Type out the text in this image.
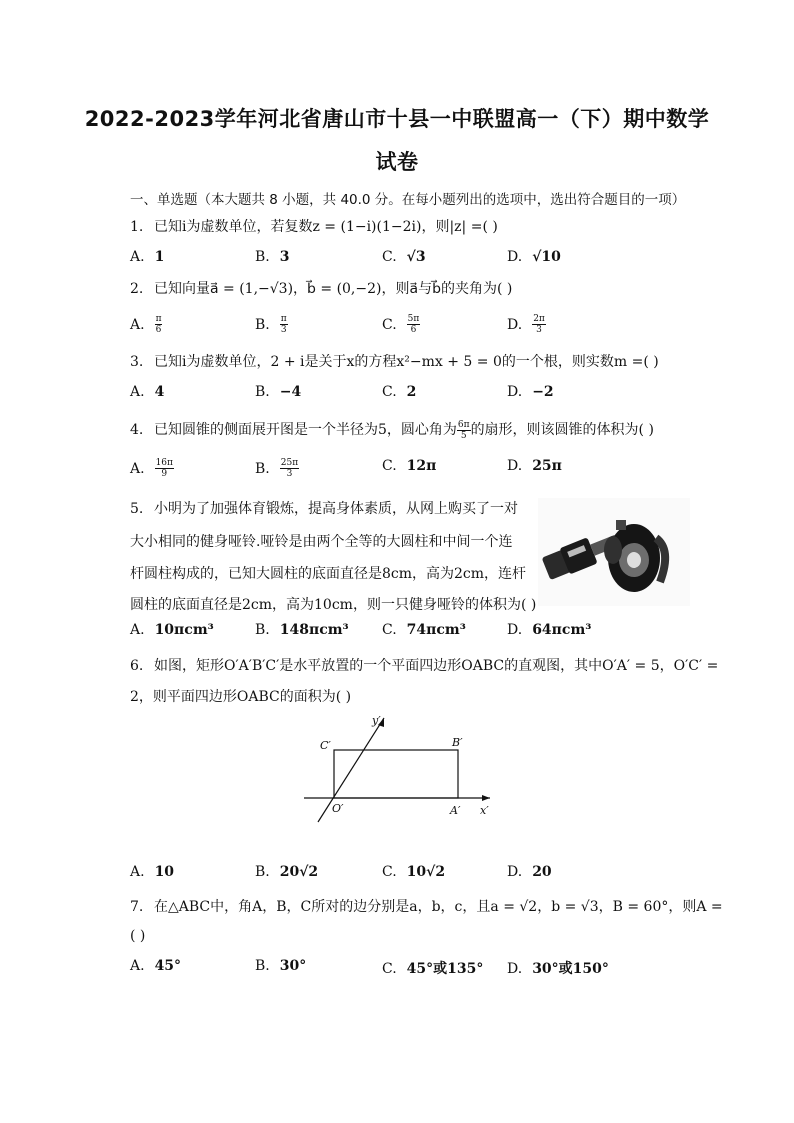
2022-2023学年河北省唐山市十县一中联盟高一（下）期中数学
试卷
一、单选题（本大题共 8 小题，共 40.0 分。在每小题列出的选项中，选出符合题目的一项）
1. 已知i为虚数单位，若复数z = (1−i)(1−2i)，则|z| =( )
A. 1	B. 3	C. √3	D. √10
2. 已知向量a⃗ = (1,−√3)，b⃗ = (0,−2)，则a⃗与b⃗的夹角为( )
A. $\frac{\pi}{6}$	B. $\frac{\pi}{3}$	C. $\frac{5\pi}{6}$	D. $\frac{2\pi}{3}$
3. 已知i为虚数单位，2 + i是关于x的方程x²−mx + 5 = 0的一个根，则实数m =( )
A. 4	B. −4	C. 2	D. −2
4. 已知圆锥的侧面展开图是一个半径为5，圆心角为 $\frac{6\pi}{5}$ 的扇形，则该圆锥的体积为( )
A. $\frac{16\pi}{9}$	B. $\frac{25\pi}{3}$	C. 12π	D. 25π
5. 小明为了加强体育锻炼，提高身体素质，从网上购买了一对
大小相同的健身哑铃.哑铃是由两个全等的大圆柱和中间一个连
杆圆柱构成的，已知大圆柱的底面直径是8cm，高为2cm，连杆
圆柱的底面直径是2cm，高为10cm，则一只健身哑铃的体积为( )
A. 10πcm³	B. 148πcm³ C. 74πcm³	D. 64πcm³
6. 如图，矩形O′A′B′C′是水平放置的一个平面四边形OABC的直观图，其中O′A′ = 5，O′C′ =
2，则平面四边形OABC的面积为( )
y′
C′	B′
O′	A′ x′
A. 10	B. 20√2	C. 10√2	D. 20
7. 在△ABC中，角A，B，C所对的边分别是a，b，c，且a = √2，b = √3，B = 60°，则A =
( )
A. 45°	B. 30°	C. 45°或135° D. 30°或150°
